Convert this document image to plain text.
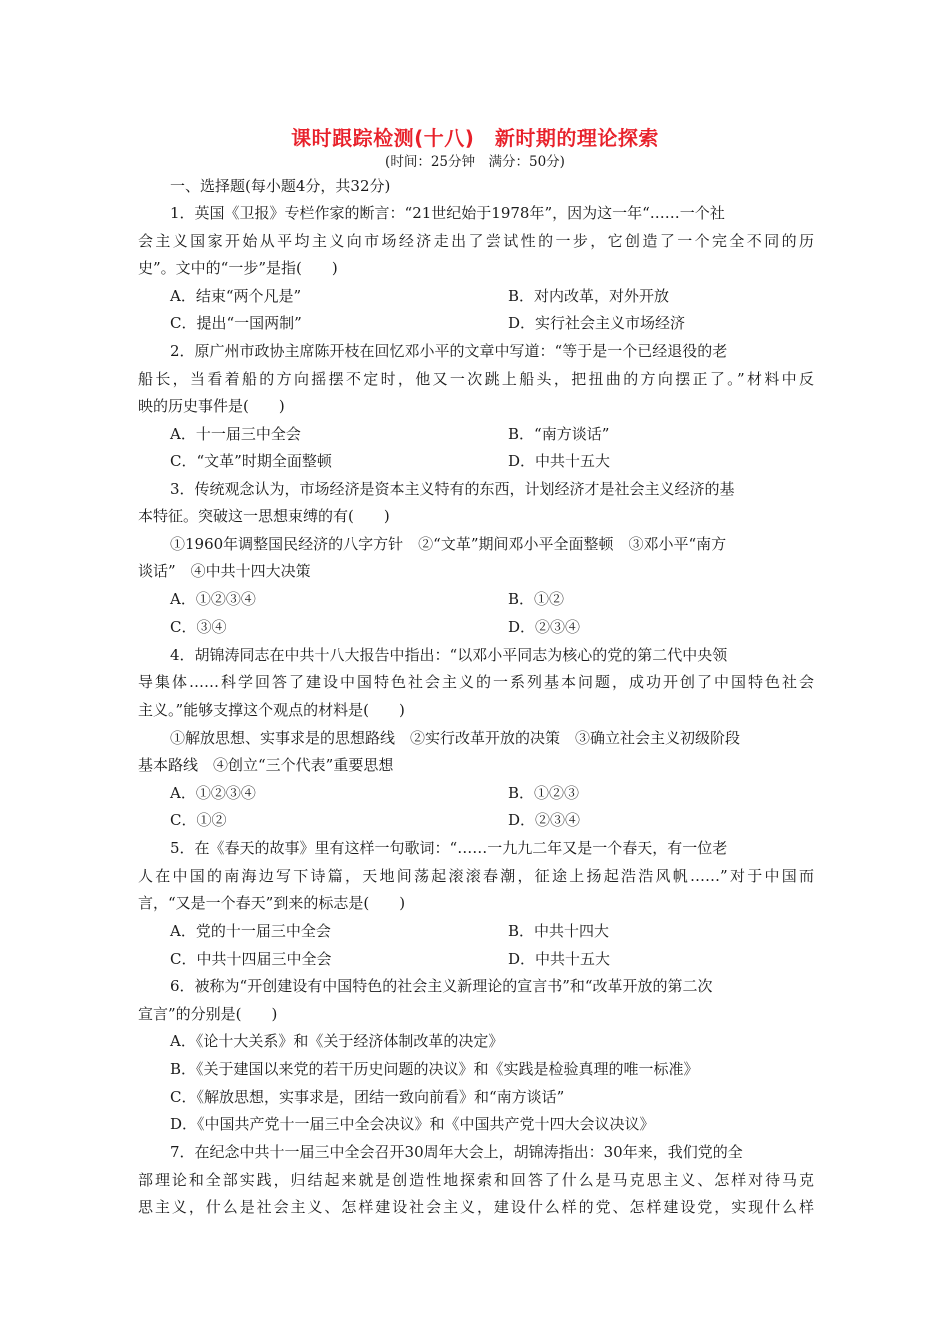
课时跟踪检测(十八)　新时期的理论探索
(时间：25分钟　满分：50分)
一、选择题(每小题4分，共32分)
1．英国《卫报》专栏作家的断言：“21世纪始于1978年”，因为这一年“……一个社
会主义国家开始从平均主义向市场经济走出了尝试性的一步，它创造了一个完全不同的历
史”。文中的“一步”是指(　　)
A．结束“两个凡是”	B．对内改革，对外开放
C．提出“一国两制”	D．实行社会主义市场经济
2．原广州市政协主席陈开枝在回忆邓小平的文章中写道：“等于是一个已经退役的老
船长，当看着船的方向摇摆不定时，他又一次跳上船头，把扭曲的方向摆正了。”材料中反
映的历史事件是(　　)
A．十一届三中全会	B．“南方谈话”
C．“文革”时期全面整顿	D．中共十五大
3．传统观念认为，市场经济是资本主义特有的东西，计划经济才是社会主义经济的基
本特征。突破这一思想束缚的有(　　)
①1960年调整国民经济的八字方针　②“文革”期间邓小平全面整顿　③邓小平“南方
谈话”　④中共十四大决策
A．①②③④	B．①②
C．③④	D．②③④
4．胡锦涛同志在中共十八大报告中指出：“以邓小平同志为核心的党的第二代中央领
导集体……科学回答了建设中国特色社会主义的一系列基本问题，成功开创了中国特色社会
主义。”能够支撑这个观点的材料是(　　)
①解放思想、实事求是的思想路线　②实行改革开放的决策　③确立社会主义初级阶段
基本路线　④创立“三个代表”重要思想
A．①②③④	B．①②③
C．①②	D．②③④
5．在《春天的故事》里有这样一句歌词：“……一九九二年又是一个春天，有一位老
人在中国的南海边写下诗篇，天地间荡起滚滚春潮，征途上扬起浩浩风帆……”对于中国而
言，“又是一个春天”到来的标志是(　　)
A．党的十一届三中全会	B．中共十四大
C．中共十四届三中全会	D．中共十五大
6．被称为“开创建设有中国特色的社会主义新理论的宣言书”和“改革开放的第二次
宣言”的分别是(　　)
A．《论十大关系》和《关于经济体制改革的决定》
B．《关于建国以来党的若干历史问题的决议》和《实践是检验真理的唯一标准》
C．《解放思想，实事求是，团结一致向前看》和“南方谈话”
D．《中国共产党十一届三中全会决议》和《中国共产党十四大会议决议》
7．在纪念中共十一届三中全会召开30周年大会上，胡锦涛指出：30年来，我们党的全
部理论和全部实践，归结起来就是创造性地探索和回答了什么是马克思主义、怎样对待马克
思主义，什么是社会主义、怎样建设社会主义，建设什么样的党、怎样建设党，实现什么样
